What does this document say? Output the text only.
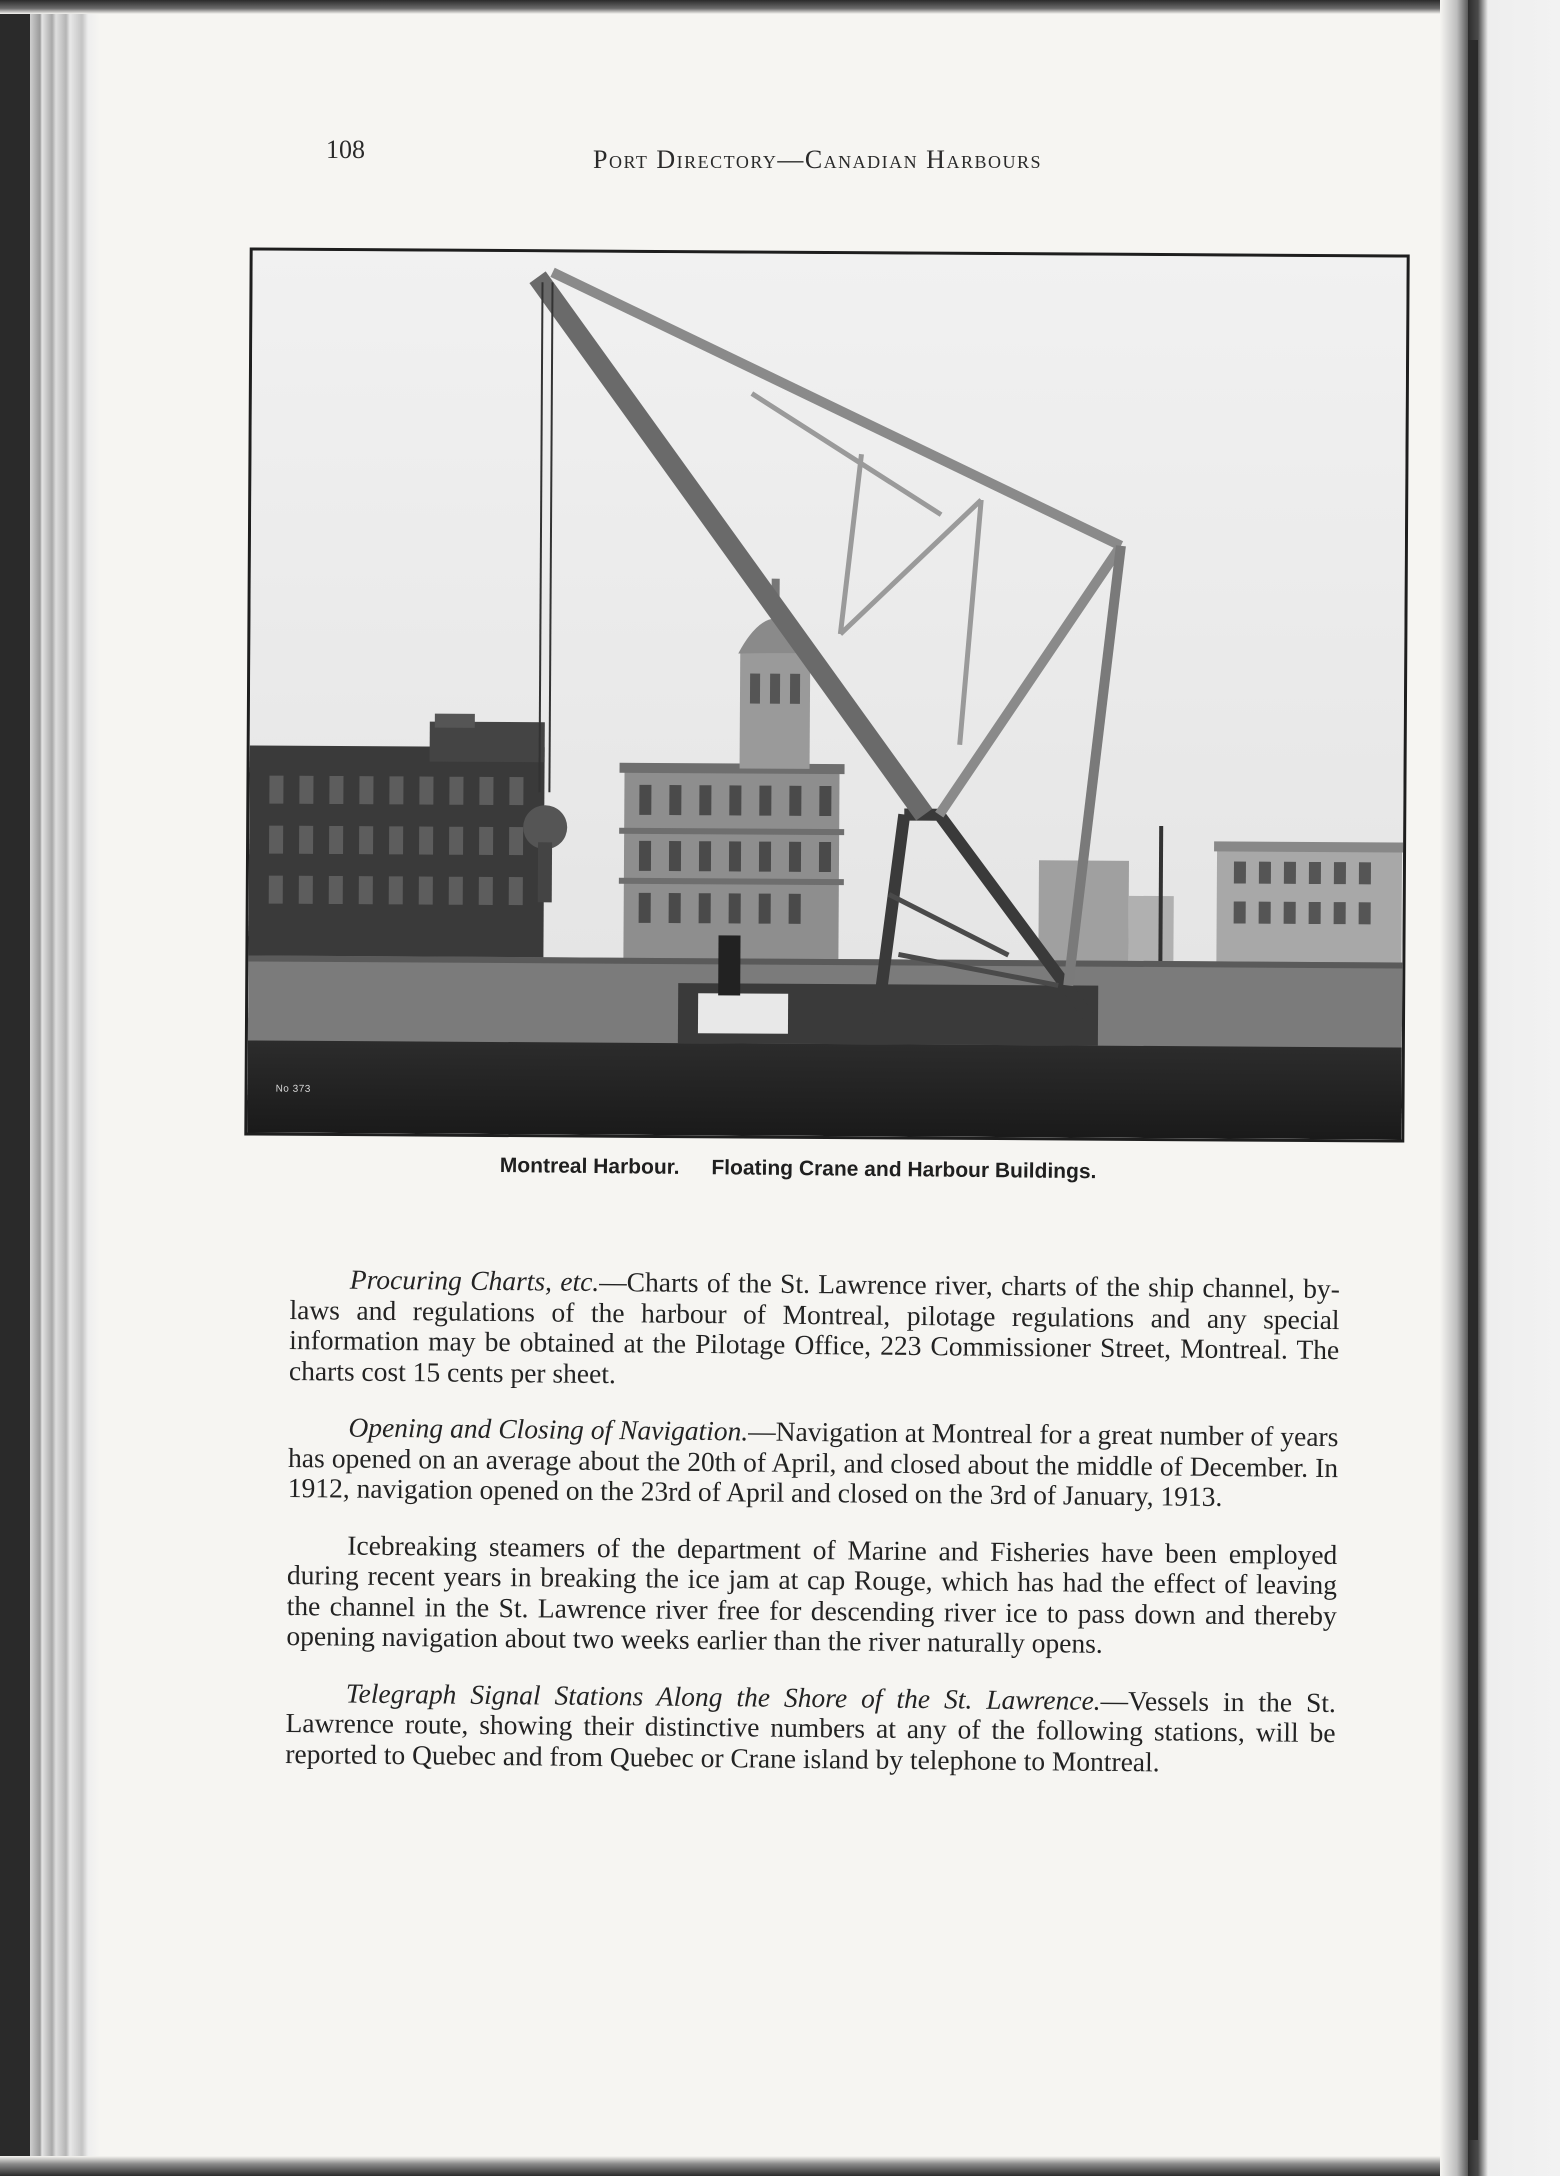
108	Port Directory—Canadian Harbours
No 373
Montreal Harbour. Floating Crane and Harbour Buildings.

Procuring Charts, etc.—Charts of the St. Lawrence river, charts of the ship channel, by-laws and regulations of the harbour of Montreal, pilotage regulations and any special information may be obtained at the Pilotage Office, 223 Commissioner Street, Montreal. The charts cost 15 cents per sheet.

Opening and Closing of Navigation.—Navigation at Montreal for a great number of years has opened on an average about the 20th of April, and closed about the middle of December. In 1912, navigation opened on the 23rd of April and closed on the 3rd of January, 1913.

Icebreaking steamers of the department of Marine and Fisheries have been employed during recent years in breaking the ice jam at cap Rouge, which has had the effect of leaving the channel in the St. Lawrence river free for descending river ice to pass down and thereby opening navigation about two weeks earlier than the river naturally opens.

Telegraph Signal Stations Along the Shore of the St. Lawrence.—Vessels in the St. Lawrence route, showing their distinctive numbers at any of the following stations, will be reported to Quebec and from Quebec or Crane island by telephone to Montreal.
